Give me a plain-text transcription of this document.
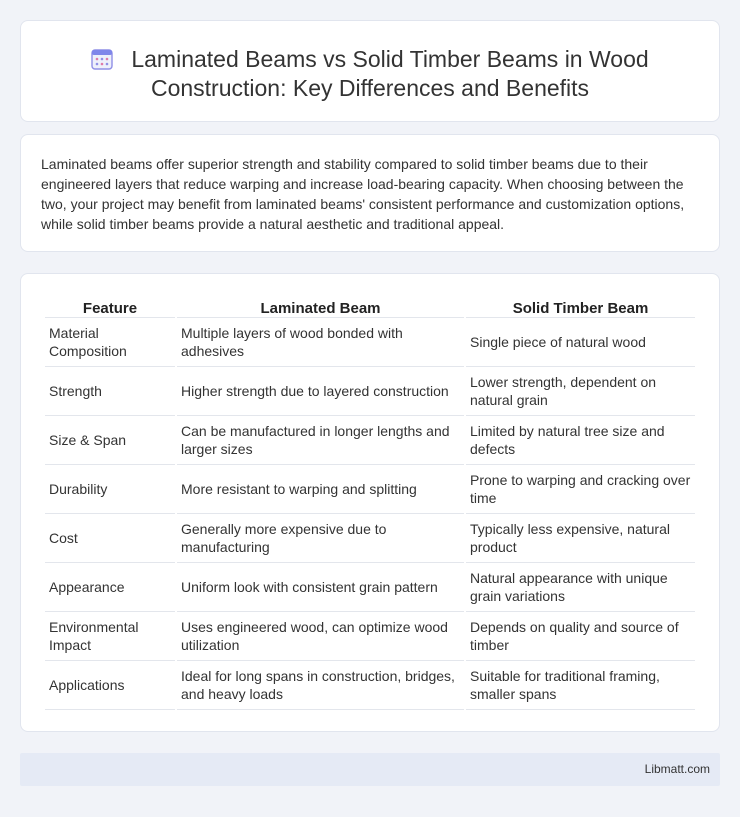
Laminated Beams vs Solid Timber Beams in Wood Construction: Key Differences and Benefits

Laminated beams offer superior strength and stability compared to solid timber beams due to their engineered layers that reduce warping and increase load-bearing capacity. When choosing between the two, your project may benefit from laminated beams' consistent performance and customization options, while solid timber beams provide a natural aesthetic and traditional appeal.

Feature	Laminated Beam	Solid Timber Beam
Material Composition	Multiple layers of wood bonded with adhesives	Single piece of natural wood
Strength	Higher strength due to layered construction	Lower strength, dependent on natural grain
Size & Span	Can be manufactured in longer lengths and larger sizes	Limited by natural tree size and defects
Durability	More resistant to warping and splitting	Prone to warping and cracking over time
Cost	Generally more expensive due to manufacturing	Typically less expensive, natural product
Appearance	Uniform look with consistent grain pattern	Natural appearance with unique grain variations
Environmental Impact	Uses engineered wood, can optimize wood utilization	Depends on quality and source of timber
Applications	Ideal for long spans in construction, bridges, and heavy loads	Suitable for traditional framing, smaller spans
Libmatt.com
